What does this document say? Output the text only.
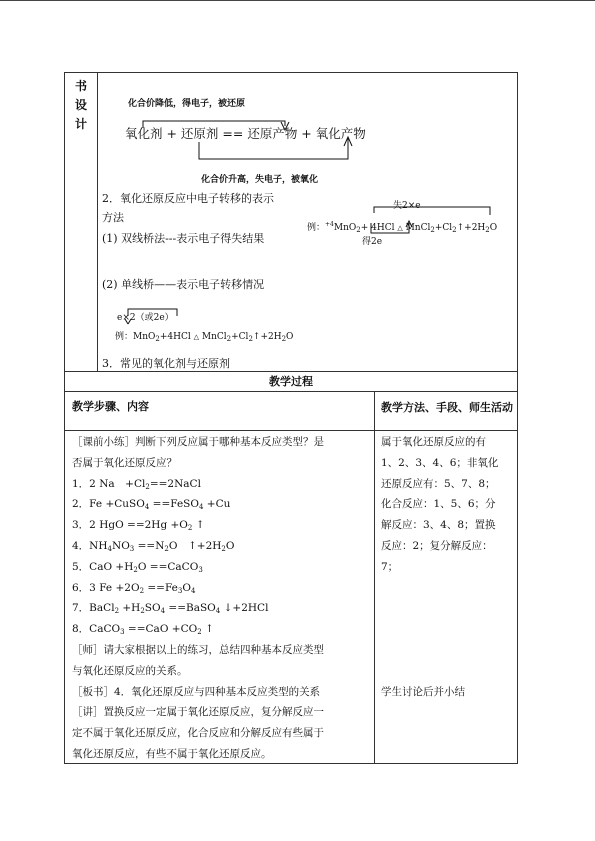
书
设
计
化合价降低，得电子，被还原
氧化剂 + 还原剂 == 还原产物 + 氧化产物
化合价升高，失电子，被氧化
2．氧化还原反应中电子转移的表示
方法
(1) 双线桥法---表示电子得失结果
失2×e
例：$^{+4}$MnO$_2$+ 4HCl △ $MnCl_2+Cl_2↑+2H_2O$
得2e
(2) 单线桥——表示电子转移情况
e×2（或2e）
例：MnO$_2$+4HCl △ $MnCl_2+Cl_2↑+2H_2O$
3．常见的氧化剂与还原剂
教学过程
教学步骤、内容	教学方法、手段、师生活动
［课前小练］判断下列反应属于哪种基本反应类型？是
否属于氧化还原反应？
1．2 Na　$+Cl_2==2NaCl$
2．Fe +CuSO$_4$ ==FeSO$_4$ +Cu
3．2 HgO $==2Hg +O_2$ ↑
4．$NH_4NO_3 ==N_2O$　$↑+2H_2O$
5．CaO $+H_2O$ ==CaCO$_3$
6．3 $Fe +2O_2 ==Fe_3O_4$
7．BaCl$_2$ $+H_2SO_4$ ==BaSO$_4$ ↓+2HCl
8．CaCO$_3$ $==CaO +CO_2$ ↑
［师］请大家根据以上的练习，总结四种基本反应类型
与氧化还原反应的关系。
［板书］4．氧化还原反应与四种基本反应类型的关系
［讲］置换反应一定属于氧化还原反应，复分解反应一
定不属于氧化还原反应，化合反应和分解反应有些属于
氧化还原反应，有些不属于氧化还原反应。
属于氧化还原反应的有
1、2、3、4、6；非氧化
还原反应有：5、7、8；
化合反应：1、5、6；分
解反应：3、4、8；置换
反应：2；复分解反应：
7；
学生讨论后并小结
